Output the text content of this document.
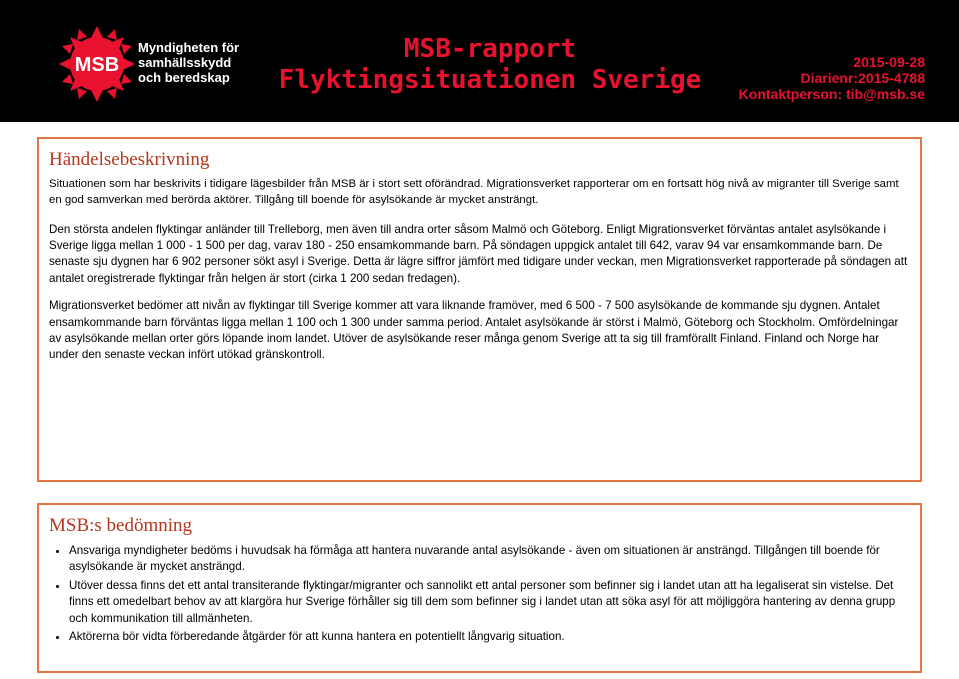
MSB
Myndigheten för
samhällsskydd
och beredskap
MSB-rapport
Flyktingsituationen Sverige
2015-09-28
Diarienr:2015-4788
Kontaktperson: tib@msb.se
Händelsebeskrivning

Situationen som har beskrivits i tidigare lägesbilder från MSB är i stort sett oförändrad. Migrationsverket rapporterar om en fortsatt hög nivå av migranter till Sverige samt en god samverkan med berörda aktörer. Tillgång till boende för asylsökande är mycket ansträngt.

Den största andelen flyktingar anländer till Trelleborg, men även till andra orter såsom Malmö och Göteborg. Enligt Migrationsverket förväntas antalet asylsökande i Sverige ligga mellan 1 000 - 1 500 per dag, varav 180 - 250 ensamkommande barn. På söndagen uppgick antalet till 642, varav 94 var ensamkommande barn. De senaste sju dygnen har 6 902 personer sökt asyl i Sverige. Detta är lägre siffror jämfört med tidigare under veckan, men Migrationsverket rapporterade på söndagen att antalet oregistrerade flyktingar från helgen är stort (cirka 1 200 sedan fredagen).

Migrationsverket bedömer att nivån av flyktingar till Sverige kommer att vara liknande framöver, med 6 500 - 7 500 asylsökande de kommande sju dygnen. Antalet ensamkommande barn förväntas ligga mellan 1 100 och 1 300 under samma period. Antalet asylsökande är störst i Malmö, Göteborg och Stockholm. Omfördelningar av asylsökande mellan orter görs löpande inom landet. Utöver de asylsökande reser många genom Sverige att ta sig till framförallt Finland. Finland och Norge har under den senaste veckan infört utökad gränskontroll.

MSB:s bedömning
• Ansvariga myndigheter bedöms i huvudsak ha förmåga att hantera nuvarande antal asylsökande - även om situationen är ansträngd. Tillgången till boende för asylsökande är mycket ansträngd.
• Utöver dessa finns det ett antal transiterande flyktingar/migranter och sannolikt ett antal personer som befinner sig i landet utan att ha legaliserat sin vistelse. Det finns ett omedelbart behov av att klargöra hur Sverige förhåller sig till dem som befinner sig i landet utan att söka asyl för att möjliggöra hantering av denna grupp och kommunikation till allmänheten.
• Aktörerna bör vidta förberedande åtgärder för att kunna hantera en potentiellt långvarig situation.
